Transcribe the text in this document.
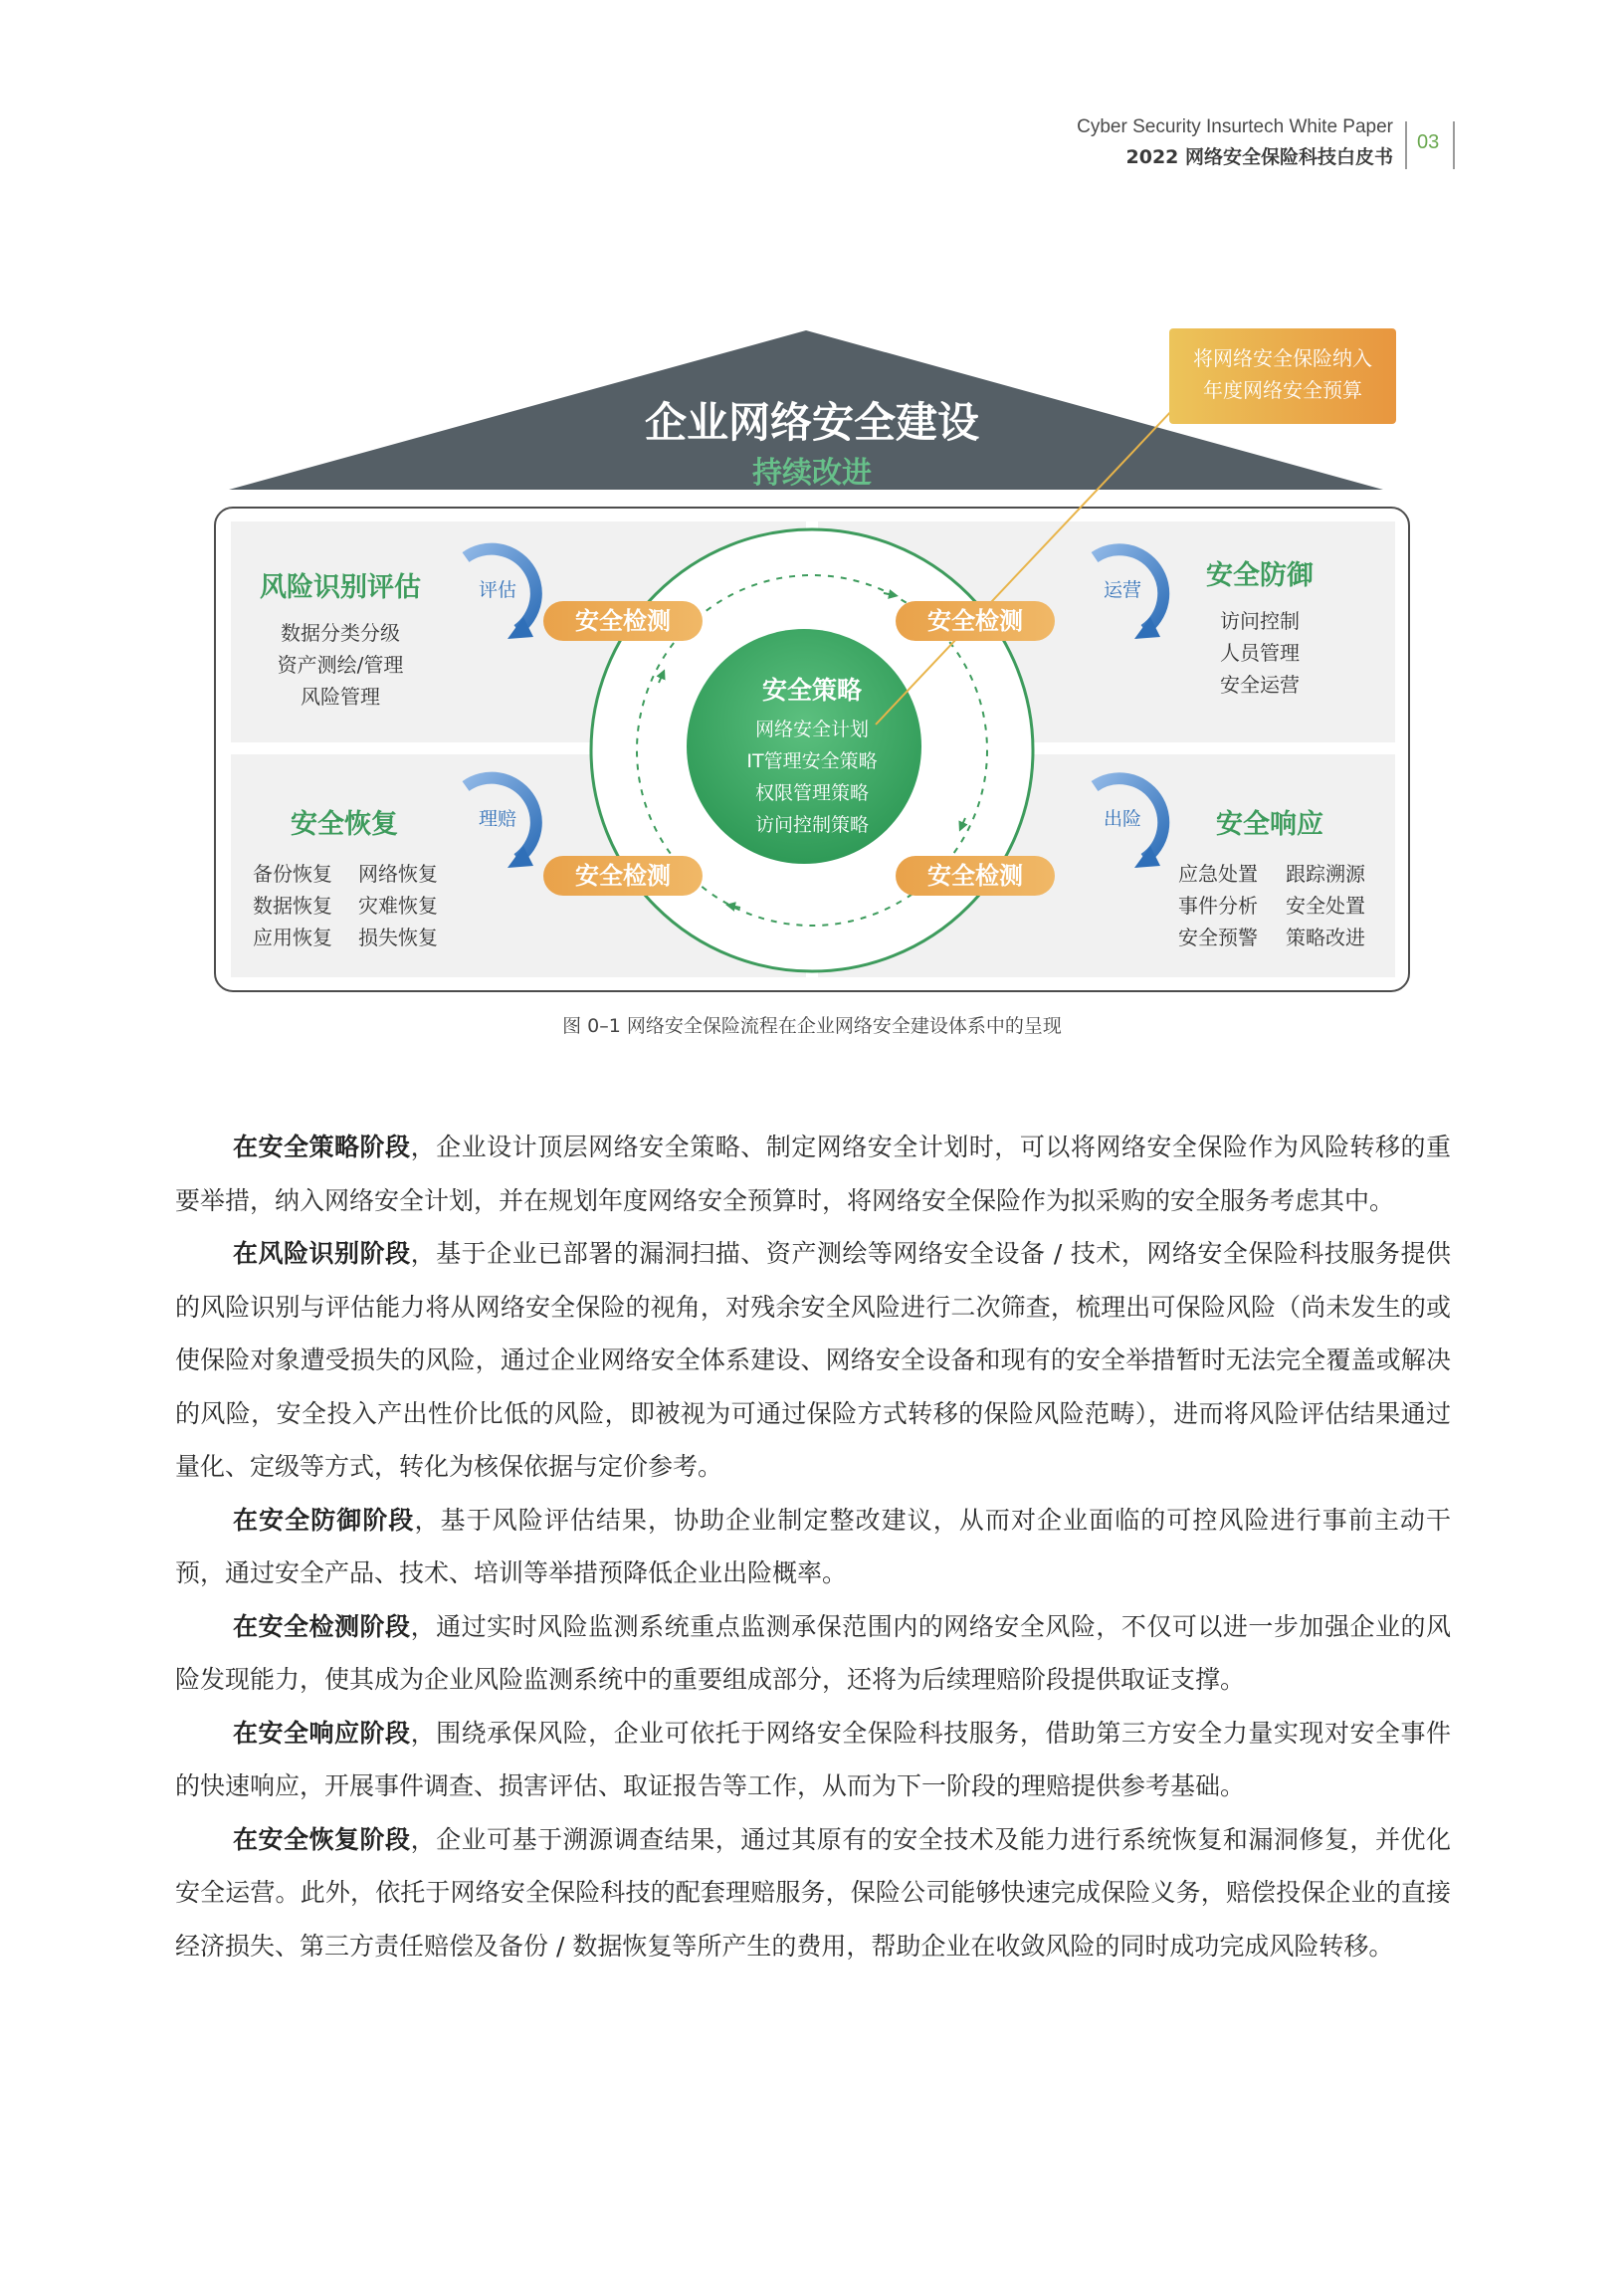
Cyber Security Insurtech White Paper
2022 网络安全保险科技白皮书
03
企业网络安全建设
持续改进
将网络安全保险纳入
年度网络安全预算
风险识别评估	评估
数据分类分级
资产测绘/管理
风险管理
安全防御
运营
访问控制
人员管理
安全运营
安全恢复	理赔
备份恢复	网络恢复
数据恢复	灾难恢复
应用恢复	损失恢复
安全响应
出险
应急处置	跟踪溯源
事件分析	安全处置
安全预警	策略改进
安全检测	安全检测
安全检测	安全检测
安全策略
网络安全计划
IT管理安全策略
权限管理策略
访问控制策略
图 0–1 网络安全保险流程在企业网络安全建设体系中的呈现

在安全策略阶段，企业设计顶层网络安全策略、制定网络安全计划时，可以将网络安全保险作为风险转移的重要举措，纳入网络安全计划，并在规划年度网络安全预算时，将网络安全保险作为拟采购的安全服务考虑其中。

在风险识别阶段，基于企业已部署的漏洞扫描、资产测绘等网络安全设备 / 技术，网络安全保险科技服务提供的风险识别与评估能力将从网络安全保险的视角，对残余安全风险进行二次筛查，梳理出可保险风险（尚未发生的或使保险对象遭受损失的风险，通过企业网络安全体系建设、网络安全设备和现有的安全举措暂时无法完全覆盖或解决的风险，安全投入产出性价比低的风险，即被视为可通过保险方式转移的保险风险范畴），进而将风险评估结果通过量化、定级等方式，转化为核保依据与定价参考。

在安全防御阶段，基于风险评估结果，协助企业制定整改建议，从而对企业面临的可控风险进行事前主动干预，通过安全产品、技术、培训等举措预降低企业出险概率。

在安全检测阶段，通过实时风险监测系统重点监测承保范围内的网络安全风险，不仅可以进一步加强企业的风险发现能力，使其成为企业风险监测系统中的重要组成部分，还将为后续理赔阶段提供取证支撑。

在安全响应阶段，围绕承保风险，企业可依托于网络安全保险科技服务，借助第三方安全力量实现对安全事件的快速响应，开展事件调查、损害评估、取证报告等工作，从而为下一阶段的理赔提供参考基础。

在安全恢复阶段，企业可基于溯源调查结果，通过其原有的安全技术及能力进行系统恢复和漏洞修复，并优化安全运营。此外，依托于网络安全保险科技的配套理赔服务，保险公司能够快速完成保险义务，赔偿投保企业的直接经济损失、第三方责任赔偿及备份 / 数据恢复等所产生的费用，帮助企业在收敛风险的同时成功完成风险转移。
